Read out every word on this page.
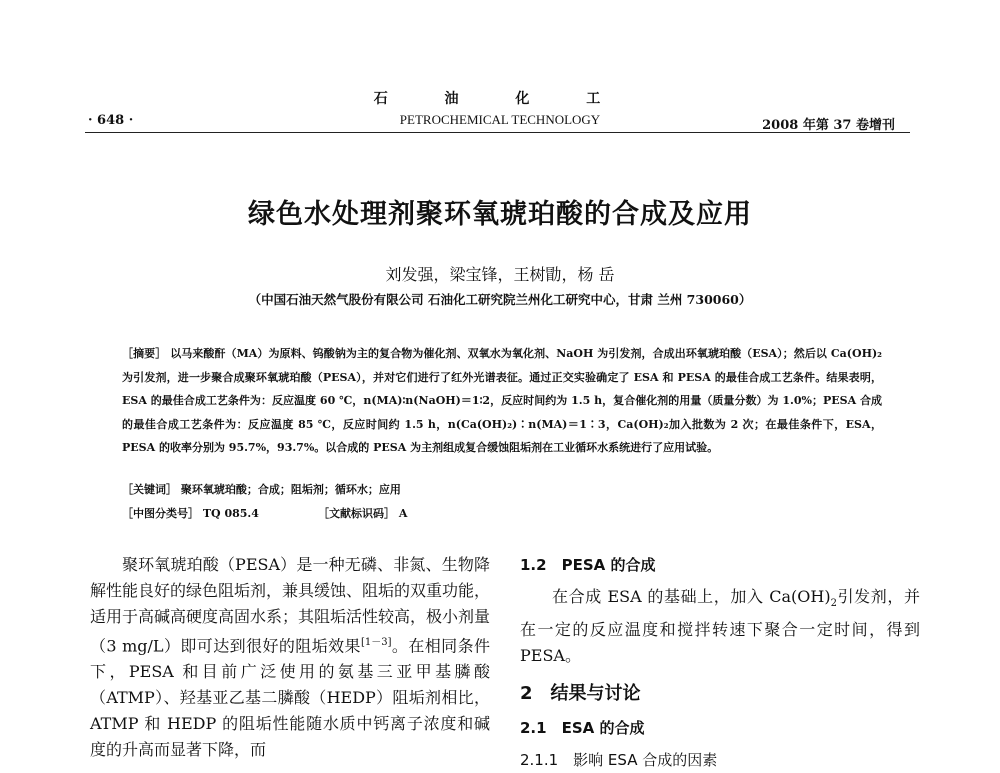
石 油 化 工
· 648 ·	PETROCHEMICAL TECHNOLOGY	2008 年第 37 卷增刊
绿色水处理剂聚环氧琥珀酸的合成及应用
刘发强，梁宝锋，王树勖，杨 岳
（中国石油天然气股份有限公司 石油化工研究院兰州化工研究中心，甘肃 兰州 730060）

［摘要］ 以马来酸酐（MA）为原料、钨酸钠为主的复合物为催化剂、双氧水为氧化剂、NaOH 为引发剂，合成出环氧琥珀酸（ESA）；然后以 Ca(OH)₂为引发剂，进一步聚合成聚环氧琥珀酸（PESA），并对它们进行了红外光谱表征。通过正交实验确定了 ESA 和 PESA 的最佳合成工艺条件。结果表明，ESA 的最佳合成工艺条件为：反应温度 60 ℃，n(MA)∶n(NaOH)＝1∶2，反应时间约为 1.5 h，复合催化剂的用量（质量分数）为 1.0%；PESA 合成的最佳合成工艺条件为：反应温度 85 ℃，反应时间约 1.5 h，n(Ca(OH)₂)∶n(MA)＝1∶3，Ca(OH)₂加入批数为 2 次；在最佳条件下，ESA，PESA 的收率分别为 95.7%，93.7%。以合成的 PESA 为主剂组成复合缓蚀阻垢剂在工业循环水系统进行了应用试验。

［关键词］ 聚环氧琥珀酸；合成；阻垢剂；循环水；应用
［中图分类号］ TQ 085.4	［文献标识码］ A

聚环氧琥珀酸（PESA）是一种无磷、非氮、生物降解性能良好的绿色阻垢剂，兼具缓蚀、阻垢的双重功能，适用于高碱高硬度高固水系；其阻垢活性较高，极小剂量（3 mg/L）即可达到很好的阻垢效果[1－3]。在相同条件下，PESA 和目前广泛使用的氨基三亚甲基膦酸（ATMP）、羟基亚乙基二膦酸（HEDP）阻垢剂相比，ATMP 和 HEDP 的阻垢性能随水质中钙离子浓度和碱度的升高而显著下降，而

1.2　PESA 的合成

在合成 ESA 的基础上，加入 $Ca(OH)_2$引发剂，并在一定的反应温度和搅拌转速下聚合一定时间，得到 PESA。

2　结果与讨论

2.1　ESA 的合成

2.1.1　影响 ESA 合成的因素
